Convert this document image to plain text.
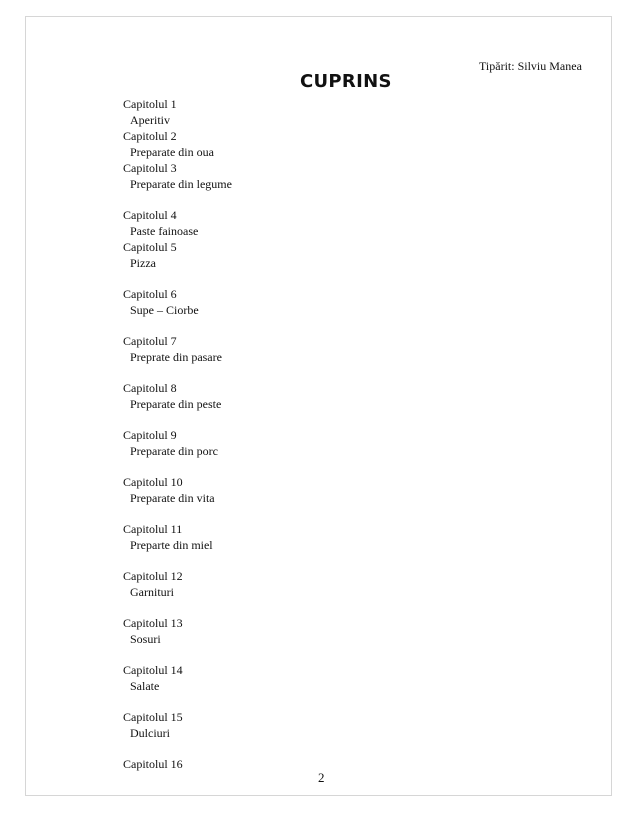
Tipărit: Silviu Manea
CUPRINS
Capitolul 1
Aperitiv
Capitolul 2
Preparate din oua
Capitolul 3
Preparate din legume
Capitolul 4
Paste fainoase
Capitolul 5
Pizza
Capitolul 6
Supe – Ciorbe
Capitolul 7
Preprate din pasare
Capitolul 8
Preparate din peste
Capitolul 9
Preparate din porc
Capitolul 10
Preparate din vita
Capitolul 11
Preparte din miel
Capitolul 12
Garnituri
Capitolul 13
Sosuri
Capitolul 14
Salate
Capitolul 15
Dulciuri
Capitolul 16
2
